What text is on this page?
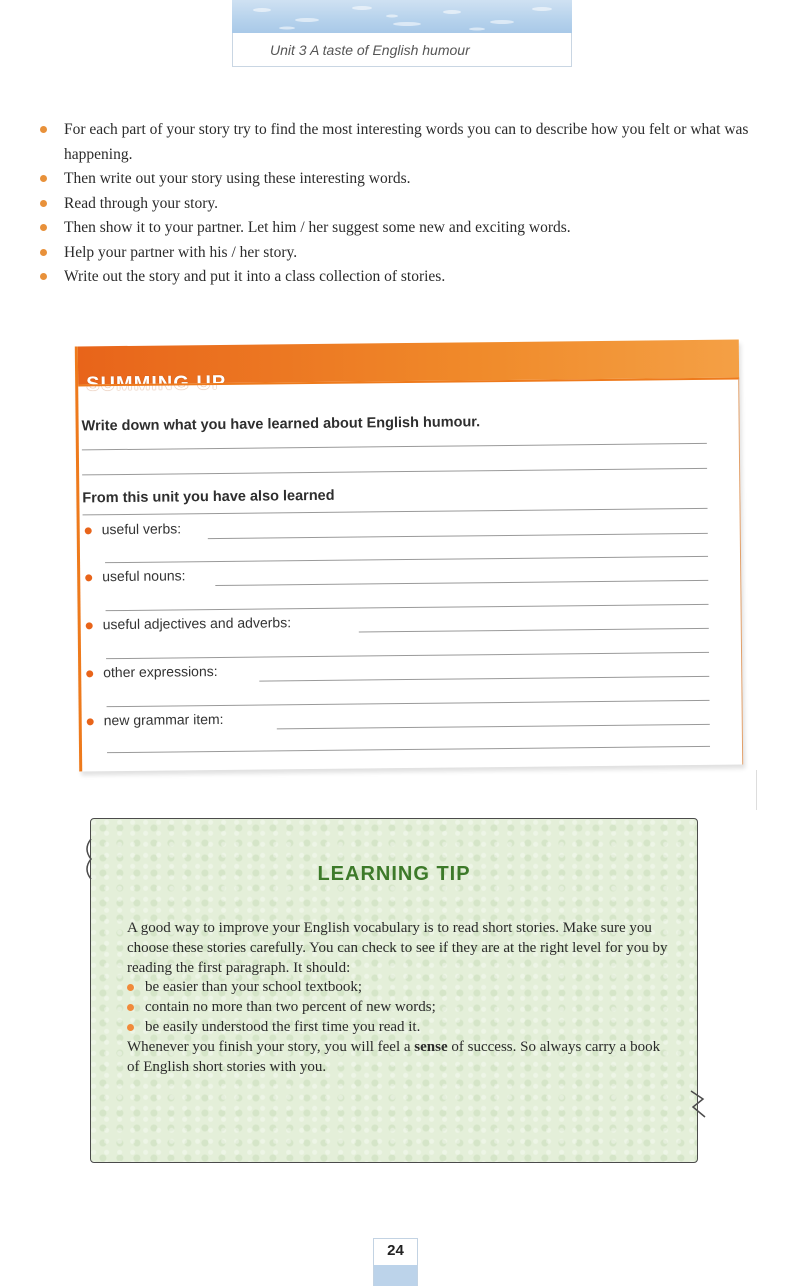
Unit 3 A taste of English humour
For each part of your story try to find the most interesting words you can to describe how you felt or what was happening.
Then write out your story using these interesting words.
Read through your story.
Then show it to your partner. Let him / her suggest some new and exciting words.
Help your partner with his / her story.
Write out the story and put it into a class collection of stories.
SUMMING UP
Write down what you have learned about English humour.
From this unit you have also learned
useful verbs:
useful nouns:
useful adjectives and adverbs:
other expressions:
new grammar item:
LEARNING TIP

A good way to improve your English vocabulary is to read short stories. Make sure you choose these stories carefully. You can check to see if they are at the right level for you by reading the first paragraph. It should:

be easier than your school textbook;
contain no more than two percent of new words;
be easily understood the first time you read it.

Whenever you finish your story, you will feel a sense of success. So always carry a book of English short stories with you.

24
